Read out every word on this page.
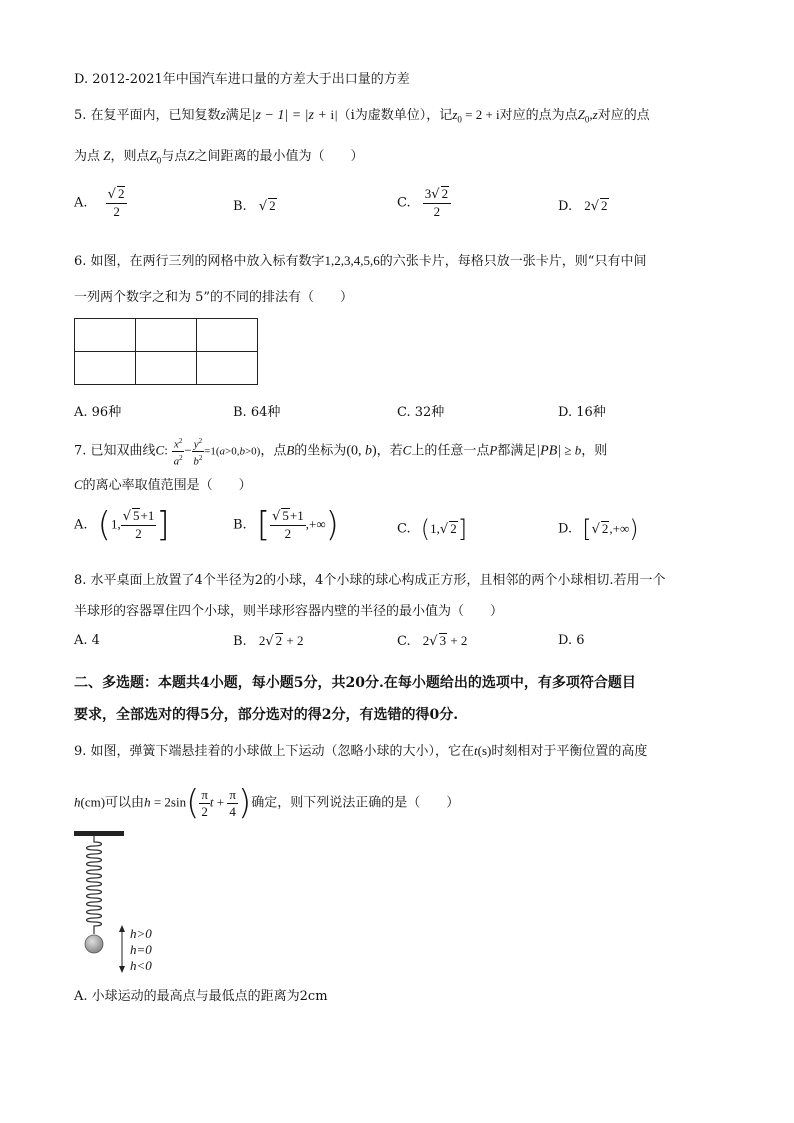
D. 2012-2021年中国汽车进口量的方差大于出口量的方差
5. 在复平面内，已知复数z满足|z − 1| = |z + i|（i为虚数单位），记$z_0 = 2 + i$对应的点为点$Z_0,z$对应的点
为点 Z，则点$Z_0$与点Z之间距离的最小值为（　　）
A. $\frac{√ 2}{2}$	B. √ 2	C. $\frac{3√ 2}{2}$	D. 2√ 2
6. 如图，在两行三列的网格中放入标有数字1,2,3,4,5,6的六张卡片，每格只放一张卡片，则“只有中间
一列两个数字之和为 5”的不同的排法有（　　）

A. 96种	B. 64种	C. 32种	D. 16种
7. 已知双曲线C: $\frac{x^2}{a^2} - \frac{y^2}{b^2} =1(a>0,b>0)$，点B的坐标为(0, b)，若C上的任意一点P都满足|PB| ≥ b，则
C的离心率取值范围是（　　）
A. (1, $\frac{√ 5+1}{2}$ ]	B. [ $\frac{√ 5+1}{2}$ ,+∞)	C. (1,√ 2]	D. [√ 2,+∞)
8. 水平桌面上放置了4个半径为2的小球，4个小球的球心构成正方形，且相邻的两个小球相切.若用一个
半球形的容器罩住四个小球，则半球形容器内壁的半径的最小值为（　　）
A. 4	B. 2√ 2 + 2	C. 2√ 3 + 2	D. 6
二、多选题：本题共4小题，每小题5分，共20分.在每小题给出的选项中，有多项符合题目
要求，全部选对的得5分，部分选对的得2分，有选错的得0分.
9. 如图，弹簧下端悬挂着的小球做上下运动（忽略小球的大小），它在t(s)时刻相对于平衡位置的高度
h(cm)可以由$h = 2\sin( \frac{\pi}{2}$ $t + \frac{\pi}{4}$ )确定，则下列说法正确的是（　　）
h>0
h=0
h<0
A. 小球运动的最高点与最低点的距离为2cm
